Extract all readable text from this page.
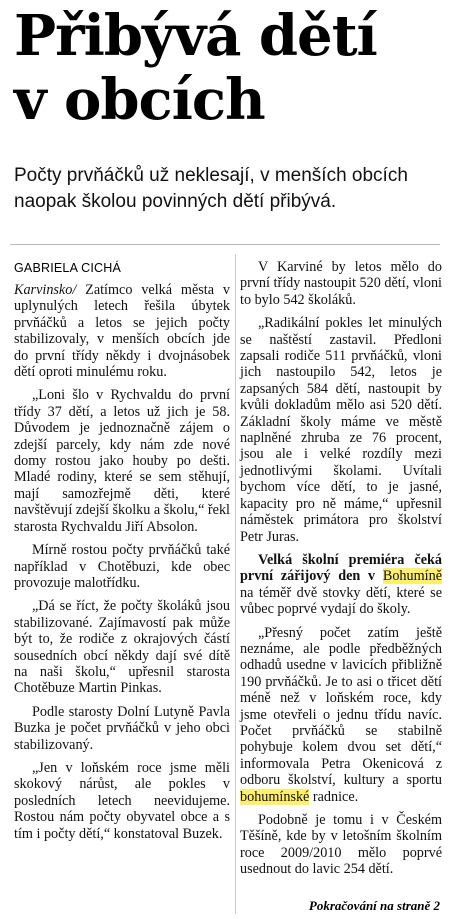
Přibývá dětí
v obcích
Počty prvňáčků už neklesají, v menších obcích naopak školou povinných dětí přibývá.
GABRIELA CICHÁ

Karvinsko/ Zatímco velká města v uplynulých letech řešila úbytek prvňáčků a letos se jejich počty stabilizovaly, v menších obcích jde do první třídy někdy i dvojnásobek dětí oproti minulému roku.

„Loni šlo v Rychvaldu do první třídy 37 dětí, a letos už jich je 58. Důvodem je jednoznačně zájem o zdejší parcely, kdy nám zde nové domy rostou jako houby po dešti. Mladé rodiny, které se sem stěhují, mají samozřejmě děti, které navštěvují zdejší školku a školu,“ řekl starosta Rychvaldu Jiří Absolon.

Mírně rostou počty prvňáčků také například v Chotěbuzi, kde obec provozuje malotřídku.

„Dá se říct, že počty školáků jsou stabilizované. Zajímavostí pak může být to, že rodiče z okrajových částí sousedních obcí někdy dají své dítě na naši školu,“ upřesnil starosta Chotěbuze Martin Pinkas.

Podle starosty Dolní Lutyně Pavla Buzka je počet prvňáčků v jeho obci stabilizovaný.

„Jen v loňském roce jsme měli skokový nárůst, ale pokles v posledních letech neevidujeme. Rostou nám počty obyvatel obce a s tím i počty dětí,“ konstatoval Buzek.

V Karviné by letos mělo do první třídy nastoupit 520 dětí, vloni to bylo 542 školáků.

„Radikální pokles let minulých se naštěstí zastavil. Předloni zapsali rodiče 511 prvňáčků, vloni jich nastoupilo 542, letos je zapsaných 584 dětí, nastoupit by kvůli dokladům mělo asi 520 dětí. Základní školy máme ve městě naplněné zhruba ze 76 procent, jsou ale i velké rozdíly mezi jednotlivými školami. Uvítali bychom více dětí, to je jasné, kapacity pro ně máme,“ upřesnil náměstek primátora pro školství Petr Juras.

Velká školní premiéra čeká první zářijový den v Bohumíně na téměř dvě stovky dětí, které se vůbec poprvé vydají do školy.

„Přesný počet zatím ještě neznáme, ale podle předběžných odhadů usedne v lavicích přibližně 190 prvňáčků. Je to asi o třicet dětí méně než v loňském roce, kdy jsme otevřeli o jednu třídu navíc. Počet prvňáčků se stabilně pohybuje kolem dvou set dětí,“ informovala Petra Okenicová z odboru školství, kultury a sportu bohumínské radnice.

Podobně je tomu i v Českém Těšíně, kde by v letošním školním roce 2009/2010 mělo poprvé usednout do lavic 254 dětí.

Pokračování na straně 2
